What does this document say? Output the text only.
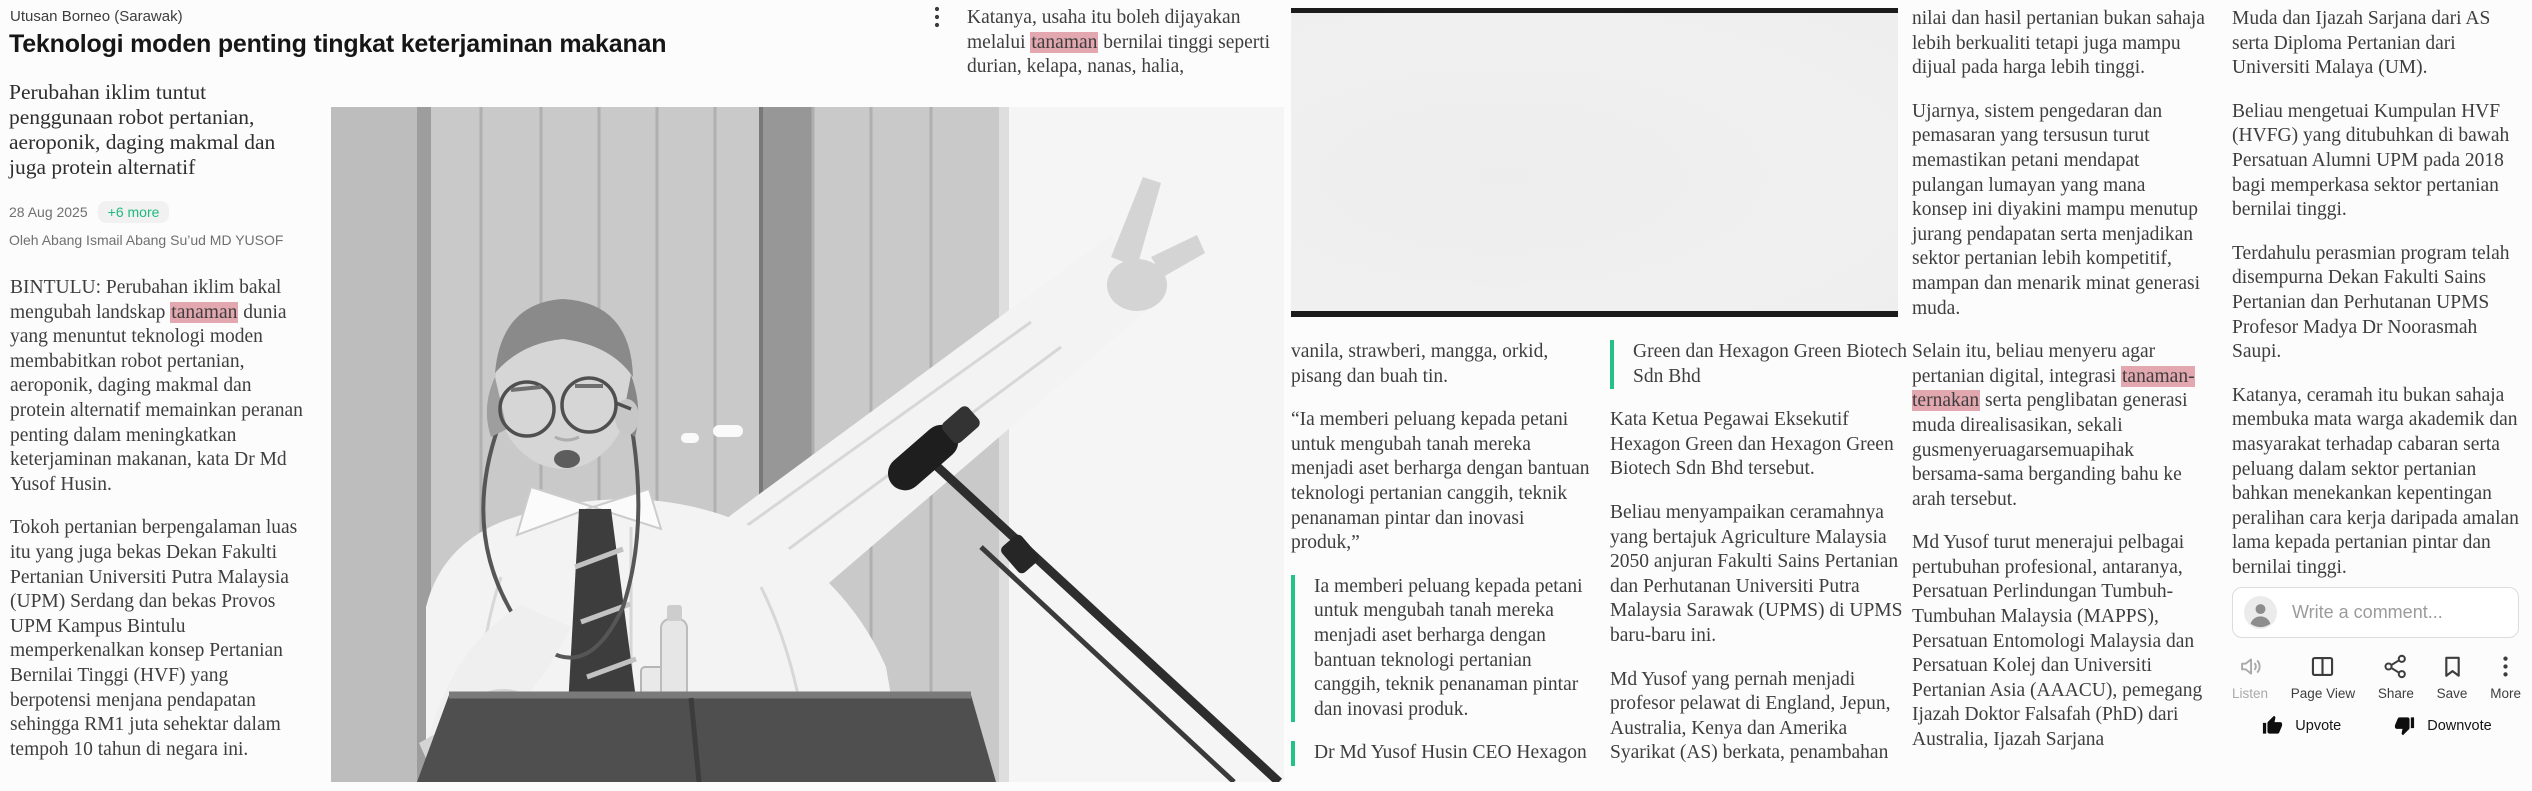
Utusan Borneo (Sarawak)
Teknologi moden penting tingkat keterjaminan makanan
Perubahan iklim tuntut penggunaan robot pertanian, aeroponik, daging makmal dan juga protein alternatif
28 Aug 2025	+6 more
Oleh Abang Ismail Abang Su’ud MD YUSOF

BINTULU: Perubahan iklim bakal mengubah landskap tanaman dunia yang menuntut teknologi moden membabitkan robot pertanian, aeroponik, daging makmal dan protein alternatif memainkan peranan penting dalam meningkatkan keterjaminan makanan, kata Dr Md Yusof Husin.

Tokoh pertanian berpengalaman luas itu yang juga bekas Dekan Fakulti Pertanian Universiti Putra Malaysia (UPM) Serdang dan bekas Provos UPM Kampus Bintulu memperkenalkan konsep Pertanian Bernilai Tinggi (HVF) yang berpotensi menjana pendapatan sehingga RM1 juta sehektar dalam tempoh 10 tahun di negara ini.

Katanya, usaha itu boleh dijayakan melalui tanaman bernilai tinggi seperti durian, kelapa, nanas, halia,

vanila, strawberi, mangga, orkid, pisang dan buah tin.

“Ia memberi peluang kepada petani untuk mengubah tanah mereka menjadi aset berharga dengan bantuan teknologi pertanian canggih, teknik penanaman pintar dan inovasi produk,”

Ia memberi peluang kepada petani untuk mengubah tanah mereka menjadi aset berharga dengan bantuan teknologi pertanian canggih, teknik penanaman pintar dan inovasi produk.
Dr Md Yusof Husin CEO Hexagon
Green dan Hexagon Green Biotech Sdn Bhd

Kata Ketua Pegawai Eksekutif Hexagon Green dan Hexagon Green Biotech Sdn Bhd tersebut.

Beliau menyampaikan ceramahnya yang bertajuk Agriculture Malaysia 2050 anjuran Fakulti Sains Pertanian dan Perhutanan Universiti Putra Malaysia Sarawak (UPMS) di UPMS baru-baru ini.

Md Yusof yang pernah menjadi profesor pelawat di England, Jepun, Australia, Kenya dan Amerika Syarikat (AS) berkata, penambahan

nilai dan hasil pertanian bukan sahaja lebih berkualiti tetapi juga mampu dijual pada harga lebih tinggi.

Ujarnya, sistem pengedaran dan pemasaran yang tersusun turut memastikan petani mendapat pulangan lumayan yang mana konsep ini diyakini mampu menutup jurang pendapatan serta menjadikan sektor pertanian lebih kompetitif, mampan dan menarik minat generasi muda.

Selain itu, beliau menyeru agar pertanian digital, integrasi tanaman-ternakan serta penglibatan generasi muda direalisasikan, sekali gusmenyeruagarsemuapihak bersama-sama berganding bahu ke arah tersebut.

Md Yusof turut menerajui pelbagai pertubuhan profesional, antaranya, Persatuan Perlindungan Tumbuh-Tumbuhan Malaysia (MAPPS), Persatuan Entomologi Malaysia dan Persatuan Kolej dan Universiti Pertanian Asia (AAACU), pemegang Ijazah Doktor Falsafah (PhD) dari Australia, Ijazah Sarjana

Muda dan Ijazah Sarjana dari AS serta Diploma Pertanian dari Universiti Malaya (UM).

Beliau mengetuai Kumpulan HVF (HVFG) yang ditubuhkan di bawah Persatuan Alumni UPM pada 2018 bagi memperkasa sektor pertanian bernilai tinggi.

Terdahulu perasmian program telah disempurna Dekan Fakulti Sains Pertanian dan Perhutanan UPMS Profesor Madya Dr Noorasmah Saupi.

Katanya, ceramah itu bukan sahaja membuka mata warga akademik dan masyarakat terhadap cabaran serta peluang dalam sektor pertanian bahkan menekankan kepentingan peralihan cara kerja daripada amalan lama kepada pertanian pintar dan bernilai tinggi.

Write a comment...
Listen Page View Share Save More
Upvote	Downvote
